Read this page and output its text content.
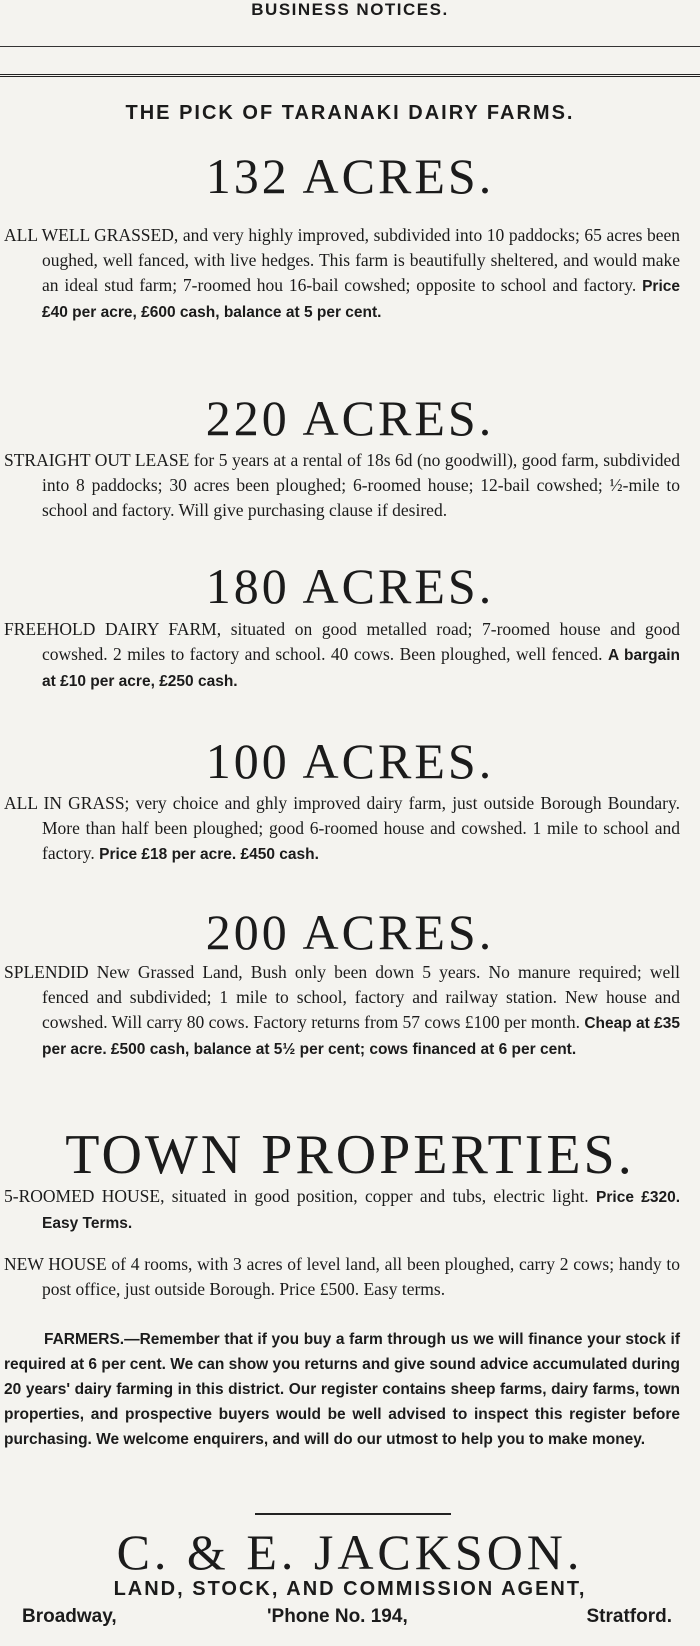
BUSINESS NOTICES.
THE PICK OF TARANAKI DAIRY FARMS.
132 ACRES.
ALL WELL GRASSED, and very highly improved, subdivided into 10 paddocks; 65 acres been oughed, well fanced, with live hedges. This farm is beautifully sheltered, and would make an ideal stud farm; 7-roomed hou 16-bail cowshed; opposite to school and factory. Price £40 per acre, £600 cash, balance at 5 per cent.
220 ACRES.
STRAIGHT OUT LEASE for 5 years at a rental of 18s 6d (no goodwill), good farm, subdivided into 8 paddocks; 30 acres been ploughed; 6-roomed house; 12-bail cowshed; ½-mile to school and factory. Will give purchasing clause if desired.
180 ACRES.
FREEHOLD DAIRY FARM, situated on good metalled road; 7-roomed house and good cowshed. 2 miles to factory and school. 40 cows. Been ploughed, well fenced. A bargain at £10 per acre, £250 cash.
100 ACRES.
ALL IN GRASS; very choice and ghly improved dairy farm, just outside Borough Boundary. More than half been ploughed; good 6-roomed house and cowshed. 1 mile to school and factory. Price £18 per acre. £450 cash.
200 ACRES.
SPLENDID New Grassed Land, Bush only been down 5 years. No manure required; well fenced and subdivided; 1 mile to school, factory and railway station. New house and cowshed. Will carry 80 cows. Factory returns from 57 cows £100 per month. Cheap at £35 per acre. £500 cash, balance at 5½ per cent; cows financed at 6 per cent.
TOWN PROPERTIES.
5-ROOMED HOUSE, situated in good position, copper and tubs, electric light. Price £320. Easy Terms.
NEW HOUSE of 4 rooms, with 3 acres of level land, all been ploughed, carry 2 cows; handy to post office, just outside Borough. Price £500. Easy terms.
FARMERS.—Remember that if you buy a farm through us we will finance your stock if required at 6 per cent. We can show you returns and give sound advice accumulated during 20 years' dairy farming in this district. Our register contains sheep farms, dairy farms, town properties, and prospective buyers would be well advised to inspect this register before purchasing. We welcome enquirers, and will do our utmost to help you to make money.
C. & E. JACKSON.
LAND, STOCK, AND COMMISSION AGENT,
Broadway,	'Phone No. 194,	Stratford.
